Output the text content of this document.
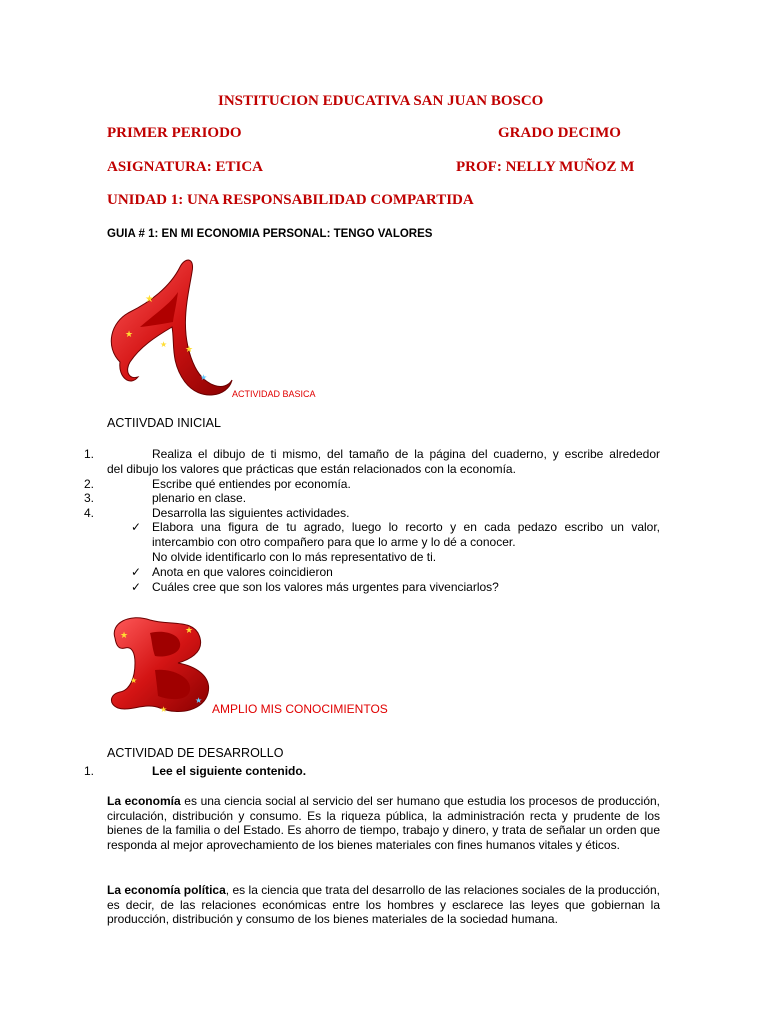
INSTITUCION EDUCATIVA SAN JUAN BOSCO
PRIMER PERIODO	GRADO DECIMO
ASIGNATURA: ETICA	PROF: NELLY MUÑOZ M
UNIDAD 1: UNA RESPONSABILIDAD COMPARTIDA
GUIA # 1: EN MI ECONOMIA PERSONAL: TENGO VALORES
★
★
★
★
★
ACTIVIDAD BASICA
ACTIIVDAD INICIAL
1.	Realiza el dibujo de ti mismo, del tamaño de la página del cuaderno, y escribe alrededor
del dibujo los valores que prácticas que están relacionados con la economía.
2.	Escribe qué entiendes por economía.
3.	plenario en clase.
4.	Desarrolla las siguientes actividades.
✓ Elabora una figura de tu agrado, luego lo recorto y en cada pedazo escribo un valor,
intercambio con otro compañero para que lo arme y lo dé a conocer.
No olvide identificarlo con lo más representativo de ti.
✓ Anota en que valores coincidieron
✓ Cuáles cree que son los valores más urgentes para vivenciarlos?
★	★
★
★
★	AMPLIO MIS CONOCIMIENTOS
ACTIVIDAD DE DESARROLLO
1.	Lee el siguiente contenido.
La economía es una ciencia social al servicio del ser humano que estudia los procesos de producción, circulación, distribución y consumo. Es la riqueza pública, la administración recta y prudente de los bienes de la familia o del Estado. Es ahorro de tiempo, trabajo y dinero, y trata de señalar un orden que responda al mejor aprovechamiento de los bienes materiales con fines humanos vitales y éticos.
La economía política, es la ciencia que trata del desarrollo de las relaciones sociales de la producción, es decir, de las relaciones económicas entre los hombres y esclarece las leyes que gobiernan la producción, distribución y consumo de los bienes materiales de la sociedad humana.
